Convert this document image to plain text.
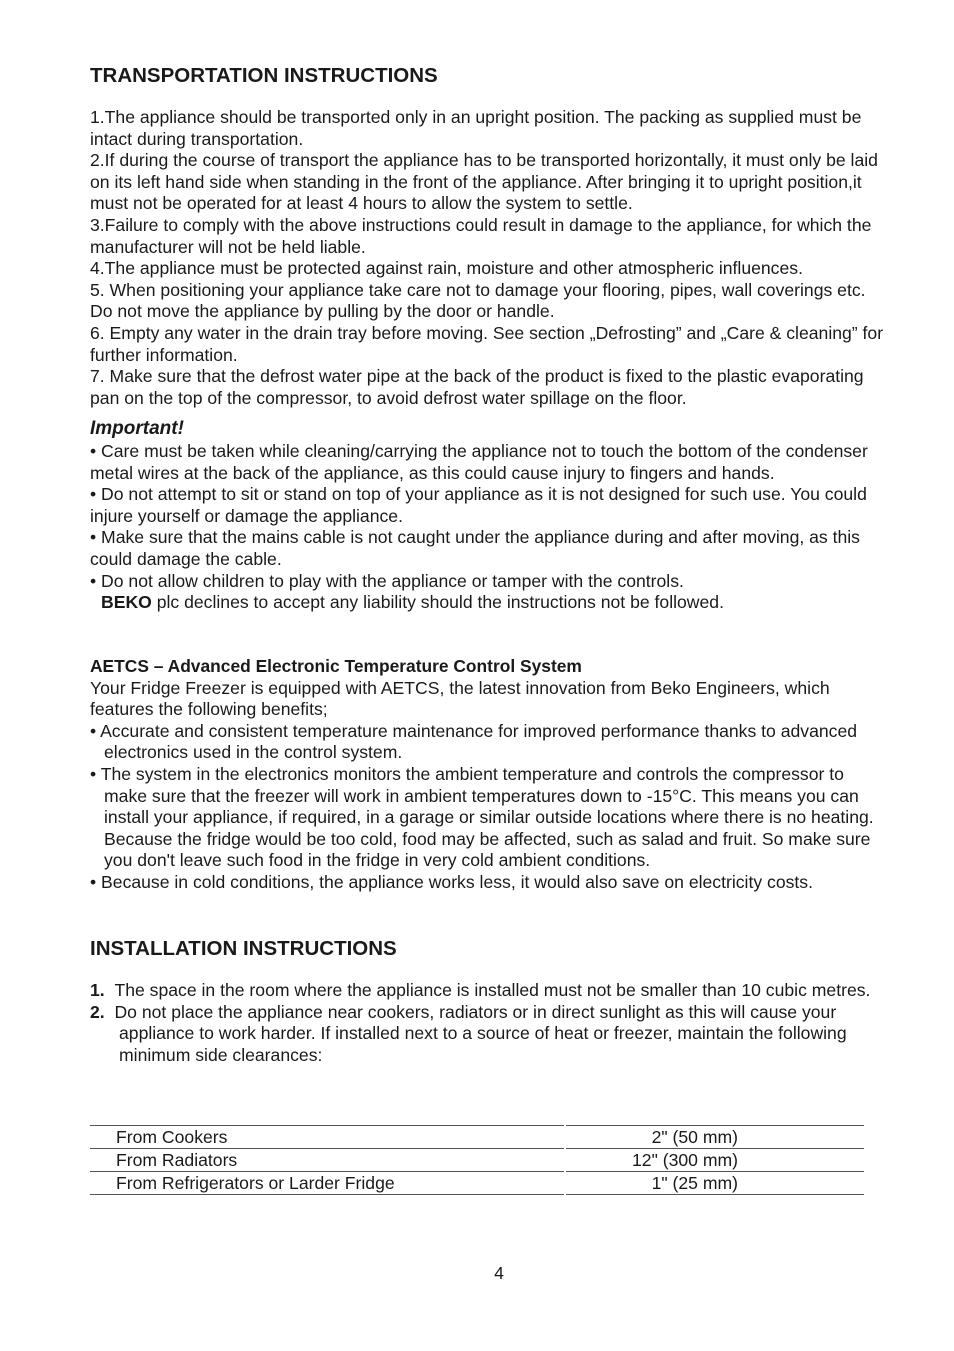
TRANSPORTATION INSTRUCTIONS

1.The appliance should be transported only in an upright position. The packing as supplied must be intact during transportation.

2.If during the course of transport the appliance has to be transported horizontally, it must only be laid on its left hand side when standing in the front of the appliance. After bringing it to upright position,it must not be operated for at least 4 hours to allow the system to settle.

3.Failure to comply with the above instructions could result in damage to the appliance, for which the manufacturer will not be held liable.

4.The appliance must be protected against rain, moisture and other atmospheric influences.

5. When positioning your appliance take care not to damage your flooring, pipes, wall coverings etc. Do not move the appliance by pulling by the door or handle.

6. Empty any water in the drain tray before moving. See section „Defrosting” and „Care & cleaning” for further information.

7. Make sure that the defrost water pipe at the back of the product is fixed to the plastic evaporating pan on the top of the compressor, to avoid defrost water spillage on the floor.

Important!

• Care must be taken while cleaning/carrying the appliance not to touch the bottom of the condenser metal wires at the back of the appliance, as this could cause injury to fingers and hands.

• Do not attempt to sit or stand on top of your appliance as it is not designed for such use. You could injure yourself or damage the appliance.

• Make sure that the mains cable is not caught under the appliance during and after moving, as this could damage the cable.

• Do not allow children to play with the appliance or tamper with the controls.

BEKO plc declines to accept any liability should the instructions not be followed.

AETCS – Advanced Electronic Temperature Control System

Your Fridge Freezer is equipped with AETCS, the latest innovation from Beko Engineers, which features the following benefits;

• Accurate and consistent temperature maintenance for improved performance thanks to advanced electronics used in the control system.

• The system in the electronics monitors the ambient temperature and controls the compressor to make sure that the freezer will work in ambient temperatures down to -15°C. This means you can install your appliance, if required, in a garage or similar outside locations where there is no heating. Because the fridge would be too cold, food may be affected, such as salad and fruit. So make sure you don't leave such food in the fridge in very cold ambient conditions.

• Because in cold conditions, the appliance works less, it would also save on electricity costs.

INSTALLATION INSTRUCTIONS

1. The space in the room where the appliance is installed must not be smaller than 10 cubic metres.

2. Do not place the appliance near cookers, radiators or in direct sunlight as this will cause your appliance to work harder. If installed next to a source of heat or freezer, maintain the following minimum side clearances:

From Cookers	2" (50 mm)
From Radiators	12" (300 mm)
From Refrigerators or Larder Fridge	1" (25 mm)
4
